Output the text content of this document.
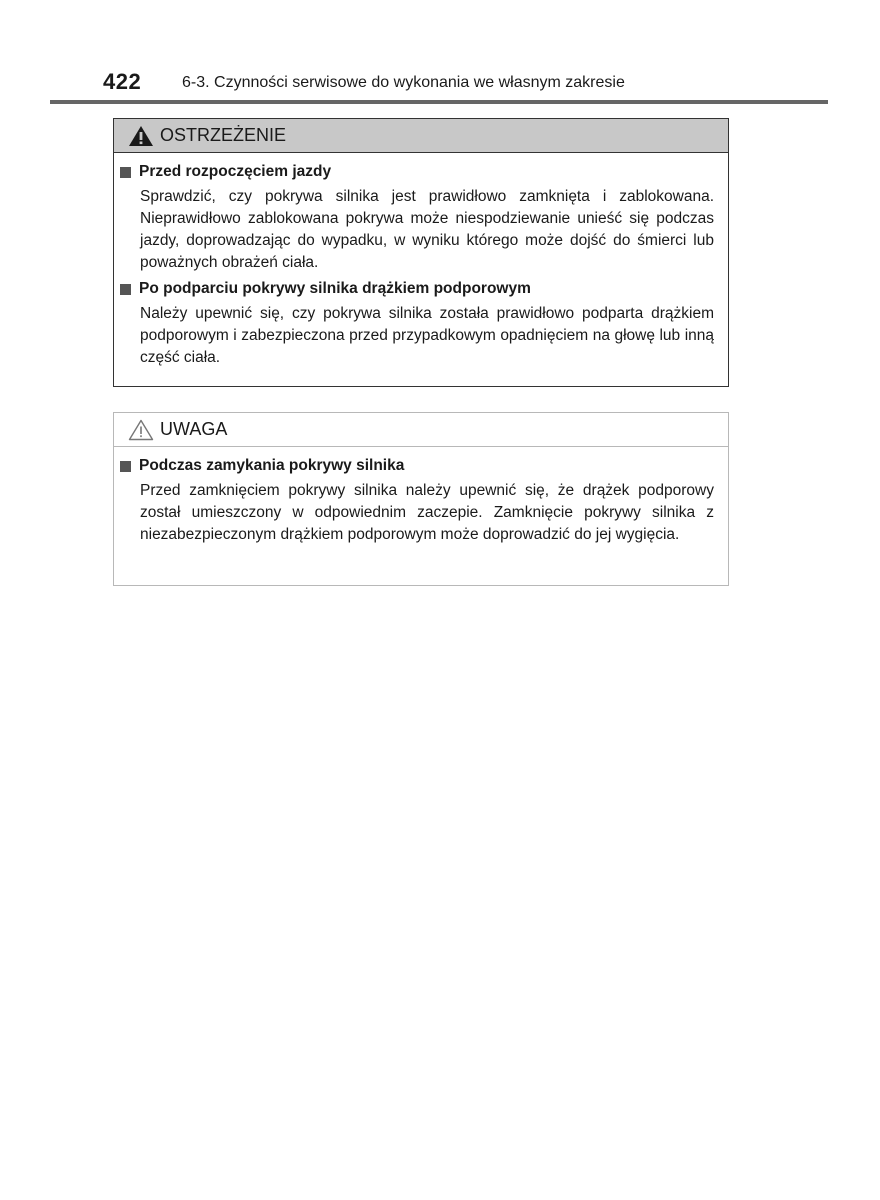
422	6-3. Czynności serwisowe do wykonania we własnym zakresie
OSTRZEŻENIE
Przed rozpoczęciem jazdy
Sprawdzić, czy pokrywa silnika jest prawidłowo zamknięta i zablokowana. Nieprawidłowo zablokowana pokrywa może niespodziewanie unieść się podczas jazdy, doprowadzając do wypadku, w wyniku którego może dojść do śmierci lub poważnych obrażeń ciała.
Po podparciu pokrywy silnika drążkiem podporowym
Należy upewnić się, czy pokrywa silnika została prawidłowo podparta drążkiem podporowym i zabezpieczona przed przypadkowym opadnięciem na głowę lub inną część ciała.
UWAGA
Podczas zamykania pokrywy silnika
Przed zamknięciem pokrywy silnika należy upewnić się, że drążek podporowy został umieszczony w odpowiednim zaczepie. Zamknięcie pokrywy silnika z niezabezpieczonym drążkiem podporowym może doprowadzić do jej wygięcia.
